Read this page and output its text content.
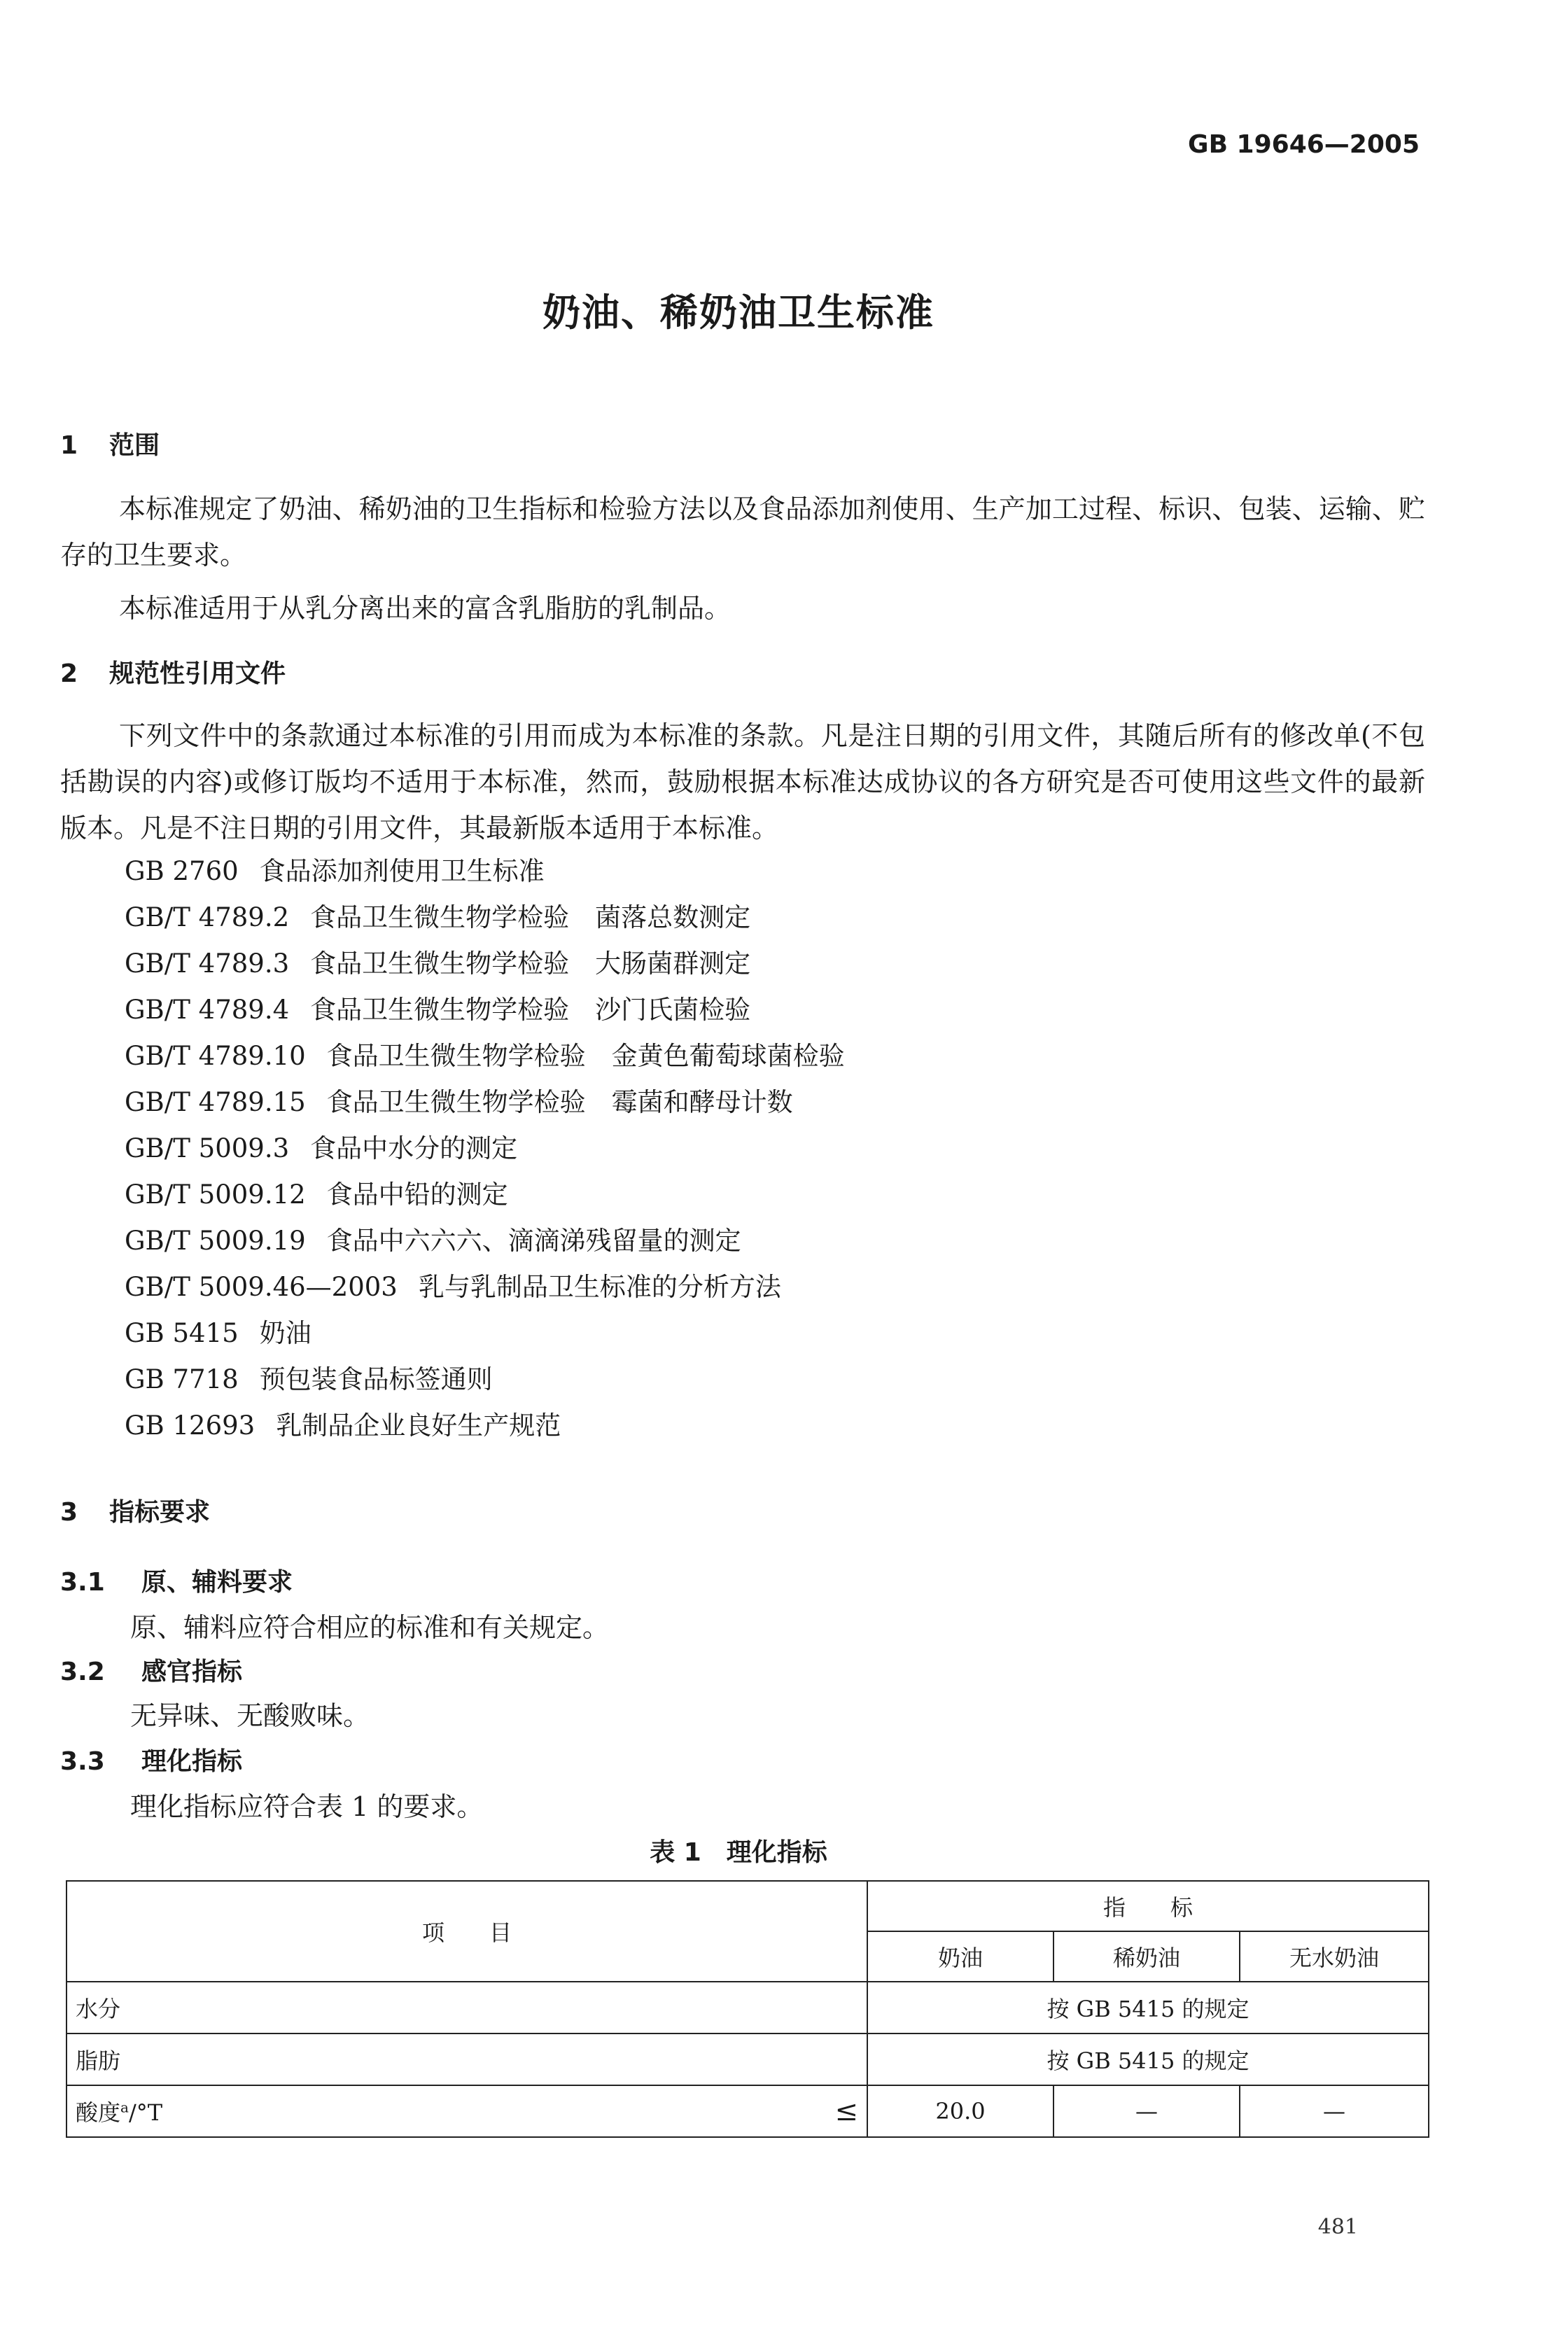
GB 19646—2005
奶油、稀奶油卫生标准
1 范围
本标准规定了奶油、稀奶油的卫生指标和检验方法以及食品添加剂使用、生产加工过程、标识、包装、运输、贮存的卫生要求。
本标准适用于从乳分离出来的富含乳脂肪的乳制品。
2 规范性引用文件
下列文件中的条款通过本标准的引用而成为本标准的条款。凡是注日期的引用文件，其随后所有的修改单(不包括勘误的内容)或修订版均不适用于本标准，然而，鼓励根据本标准达成协议的各方研究是否可使用这些文件的最新版本。凡是不注日期的引用文件，其最新版本适用于本标准。
GB 2760 食品添加剂使用卫生标准
GB/T 4789.2 食品卫生微生物学检验　菌落总数测定
GB/T 4789.3 食品卫生微生物学检验　大肠菌群测定
GB/T 4789.4 食品卫生微生物学检验　沙门氏菌检验
GB/T 4789.10 食品卫生微生物学检验　金黄色葡萄球菌检验
GB/T 4789.15 食品卫生微生物学检验　霉菌和酵母计数
GB/T 5009.3 食品中水分的测定
GB/T 5009.12 食品中铅的测定
GB/T 5009.19 食品中六六六、滴滴涕残留量的测定
GB/T 5009.46—2003 乳与乳制品卫生标准的分析方法
GB 5415 奶油
GB 7718 预包装食品标签通则
GB 12693 乳制品企业良好生产规范
3 指标要求
3.1 原、辅料要求
原、辅料应符合相应的标准和有关规定。
3.2 感官指标
无异味、无酸败味。
3.3 理化指标
理化指标应符合表 1 的要求。
表 1　理化指标
项　　目	指　　标		
	奶油	稀奶油	无水奶油
水分	按 GB 5415 的规定		
脂肪	按 GB 5415 的规定		
酸度$^a$/°T ≤	20.0	—	—
481
